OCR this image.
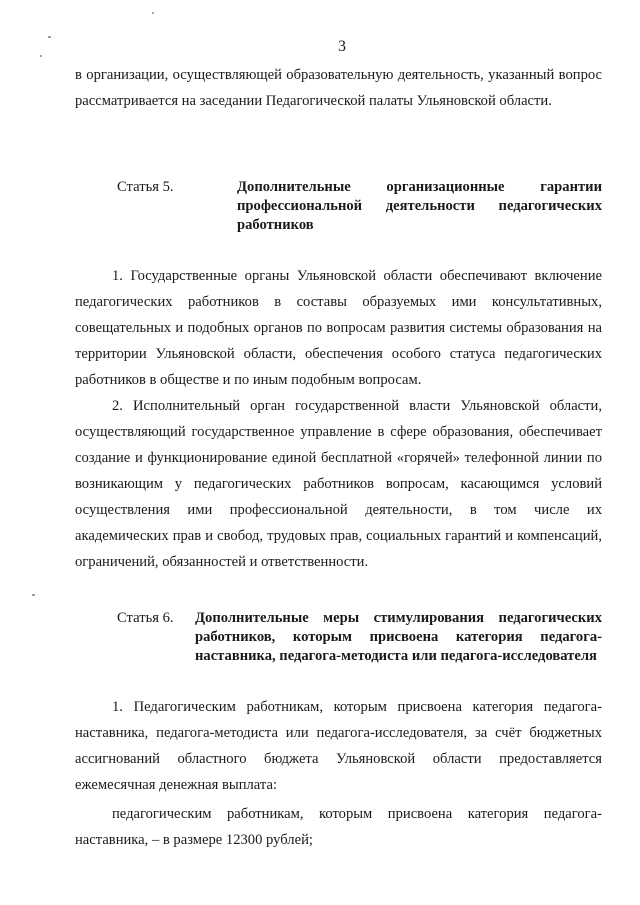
3

в организации, осуществляющей образовательную деятельность, указанный вопрос рассматривается на заседании Педагогической палаты Ульяновской области.

Статья 5.	Дополнительные организационные гарантии профессиональной деятельности педагогических работников

1. Государственные органы Ульяновской области обеспечивают включение педагогических работников в составы образуемых ими консультативных, совещательных и подобных органов по вопросам развития системы образования на территории Ульяновской области, обеспечения особого статуса педагогических работников в обществе и по иным подобным вопросам.

2. Исполнительный орган государственной власти Ульяновской области, осуществляющий государственное управление в сфере образования, обеспечивает создание и функционирование единой бесплатной «горячей» телефонной линии по возникающим у педагогических работников вопросам, касающимся условий осуществления ими профессиональной деятельности, в том числе их академических прав и свобод, трудовых прав, социальных гарантий и компенсаций, ограничений, обязанностей и ответственности.

Статья 6. Дополнительные меры стимулирования педагогических работников, которым присвоена категория педагога-наставника, педагога-методиста или педагога-исследователя

1. Педагогическим работникам, которым присвоена категория педагога-наставника, педагога-методиста или педагога-исследователя, за счёт бюджетных ассигнований областного бюджета Ульяновской области предоставляется ежемесячная денежная выплата:

педагогическим работникам, которым присвоена категория педагога-наставника, – в размере 12300 рублей;
